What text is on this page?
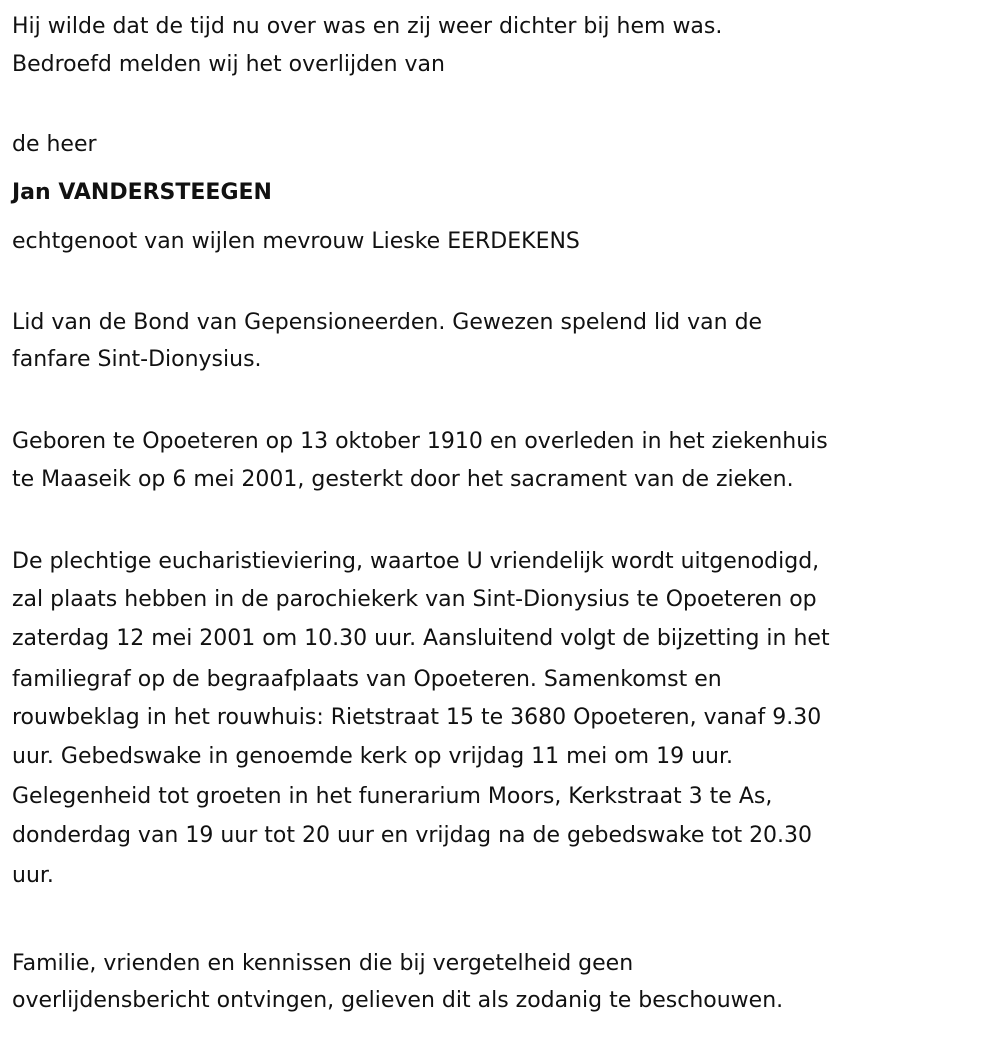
Hij wilde dat de tijd nu over was en zij weer dichter bij hem was.
Bedroefd melden wij het overlijden van
de heer
Jan VANDERSTEEGEN
echtgenoot van wijlen mevrouw Lieske EERDEKENS
Lid van de Bond van Gepensioneerden. Gewezen spelend lid van de
fanfare Sint-Dionysius.
Geboren te Opoeteren op 13 oktober 1910 en overleden in het ziekenhuis
te Maaseik op 6 mei 2001, gesterkt door het sacrament van de zieken.
De plechtige eucharistieviering, waartoe U vriendelijk wordt uitgenodigd,
zal plaats hebben in de parochiekerk van Sint-Dionysius te Opoeteren op
zaterdag 12 mei 2001 om 10.30 uur. Aansluitend volgt de bijzetting in het
familiegraf op de begraafplaats van Opoeteren. Samenkomst en
rouwbeklag in het rouwhuis: Rietstraat 15 te 3680 Opoeteren, vanaf 9.30
uur. Gebedswake in genoemde kerk op vrijdag 11 mei om 19 uur.
Gelegenheid tot groeten in het funerarium Moors, Kerkstraat 3 te As,
donderdag van 19 uur tot 20 uur en vrijdag na de gebedswake tot 20.30
uur.
Familie, vrienden en kennissen die bij vergetelheid geen
overlijdensbericht ontvingen, gelieven dit als zodanig te beschouwen.
